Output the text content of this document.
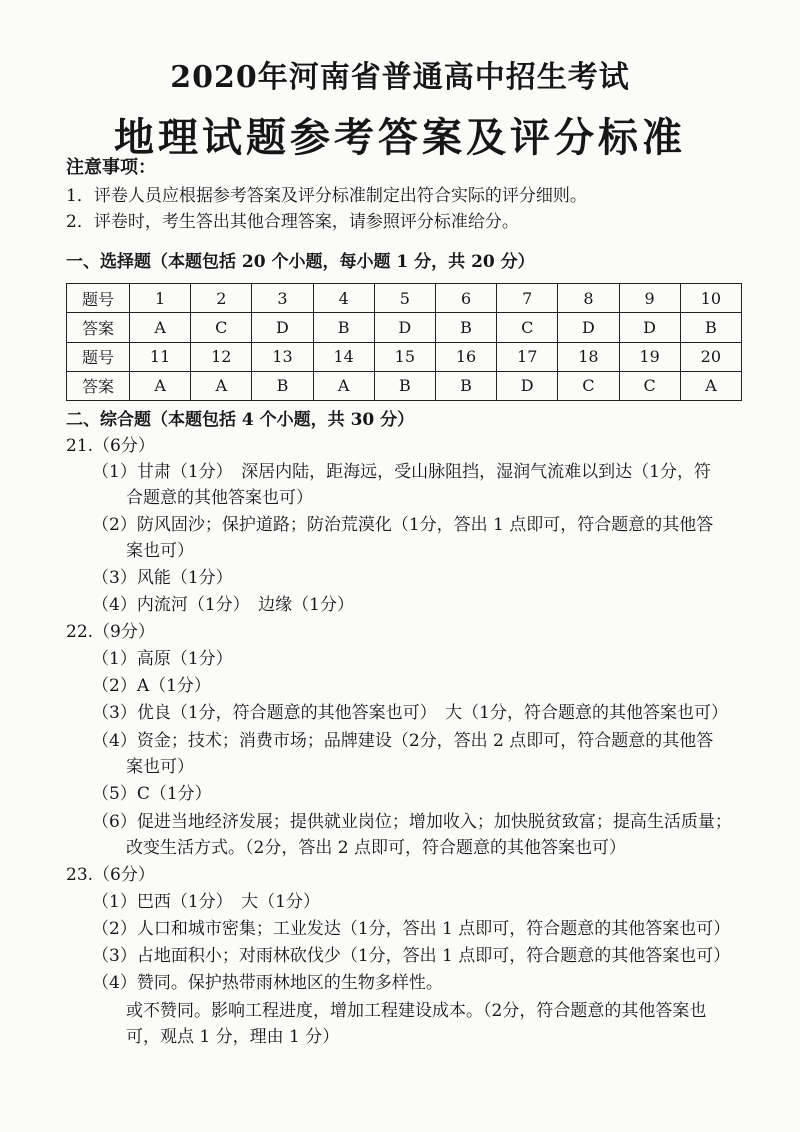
2020年河南省普通高中招生考试
地理试题参考答案及评分标准
注意事项：
1．评卷人员应根据参考答案及评分标准制定出符合实际的评分细则。
2．评卷时，考生答出其他合理答案，请参照评分标准给分。
一、选择题（本题包括 20 个小题，每小题 1 分，共 20 分）
题号	1	2	3	4	5	6	7	8	9	10
答案	A	C	D	B	D	B	C	D	D	B
题号	11	12	13	14	15	16	17	18	19	20
答案	A	A	B	A	B	B	D	C	C	A
二、综合题（本题包括 4 个小题，共 30 分）
21.（6分）
（1）甘肃（1分）　深居内陆，距海远，受山脉阻挡，湿润气流难以到达（1分，符
合题意的其他答案也可）
（2）防风固沙；保护道路；防治荒漠化（1分，答出 1 点即可，符合题意的其他答
案也可）
（3）风能（1分）
（4）内流河（1分）　边缘（1分）
22.（9分）
（1）高原（1分）
（2）A（1分）
（3）优良（1分，符合题意的其他答案也可）　大（1分，符合题意的其他答案也可）
（4）资金；技术；消费市场；品牌建设（2分，答出 2 点即可，符合题意的其他答
案也可）
（5）C（1分）
（6）促进当地经济发展；提供就业岗位；增加收入；加快脱贫致富；提高生活质量；
改变生活方式。（2分，答出 2 点即可，符合题意的其他答案也可）
23.（6分）
（1）巴西（1分）　大（1分）
（2）人口和城市密集；工业发达（1分，答出 1 点即可，符合题意的其他答案也可）
（3）占地面积小；对雨林砍伐少（1分，答出 1 点即可，符合题意的其他答案也可）
（4）赞同。保护热带雨林地区的生物多样性。
或不赞同。影响工程进度，增加工程建设成本。（2分，符合题意的其他答案也
可，观点 1 分，理由 1 分）
